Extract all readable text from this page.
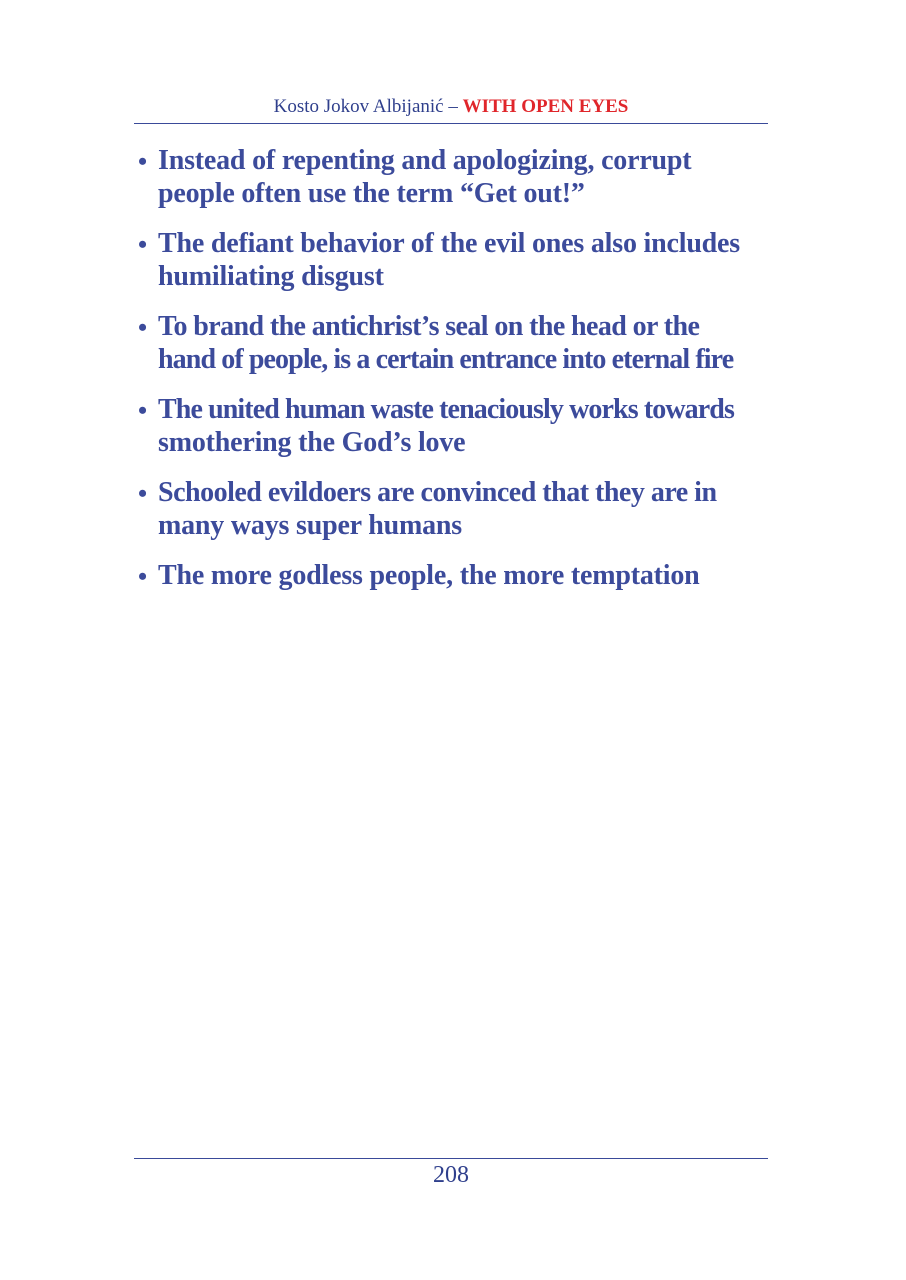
Kosto Jokov Albijanić – WITH OPEN EYES
• Instead of repenting and apologizing, corrupt
people often use the term “Get out!”
• The defiant behavior of the evil ones also includes
humiliating disgust
• To brand the antichrist’s seal on the head or the
hand of people, is a certain entrance into eternal fire
• The united human waste tenaciously works towards
smothering the God’s love
• Schooled evildoers are convinced that they are in
many ways super humans
• The more godless people, the more temptation
208
